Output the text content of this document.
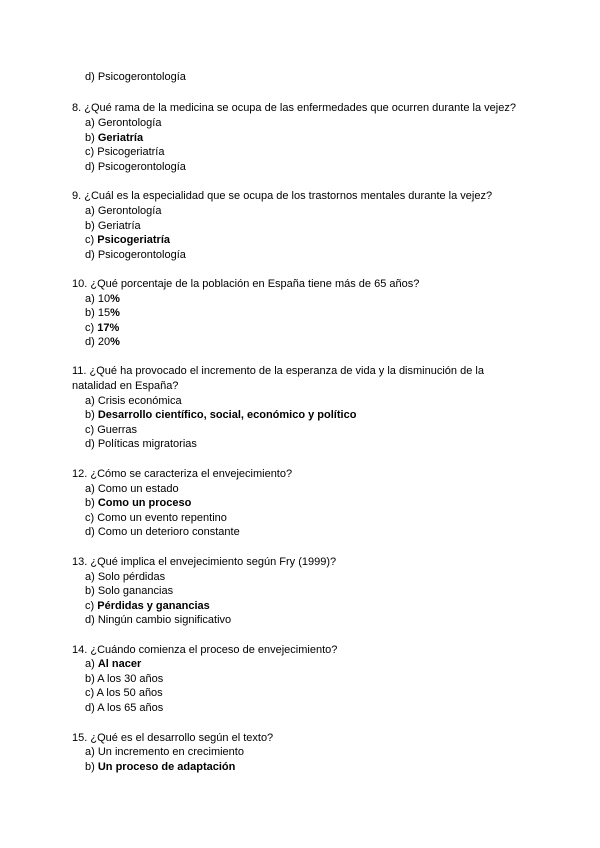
d) Psicogerontología
8. ¿Qué rama de la medicina se ocupa de las enfermedades que ocurren durante la vejez?
a) Gerontología
b) Geriatría
c) Psicogeriatría
d) Psicogerontología
9. ¿Cuál es la especialidad que se ocupa de los trastornos mentales durante la vejez?
a) Gerontología
b) Geriatría
c) Psicogeriatría
d) Psicogerontología
10. ¿Qué porcentaje de la población en España tiene más de 65 años?
a) 10%
b) 15%
c) 17%
d) 20%
11. ¿Qué ha provocado el incremento de la esperanza de vida y la disminución de la
natalidad en España?
a) Crisis económica
b) Desarrollo científico, social, económico y político
c) Guerras
d) Políticas migratorias
12. ¿Cómo se caracteriza el envejecimiento?
a) Como un estado
b) Como un proceso
c) Como un evento repentino
d) Como un deterioro constante
13. ¿Qué implica el envejecimiento según Fry (1999)?
a) Solo pérdidas
b) Solo ganancias
c) Pérdidas y ganancias
d) Ningún cambio significativo
14. ¿Cuándo comienza el proceso de envejecimiento?
a) Al nacer
b) A los 30 años
c) A los 50 años
d) A los 65 años
15. ¿Qué es el desarrollo según el texto?
a) Un incremento en crecimiento
b) Un proceso de adaptación
